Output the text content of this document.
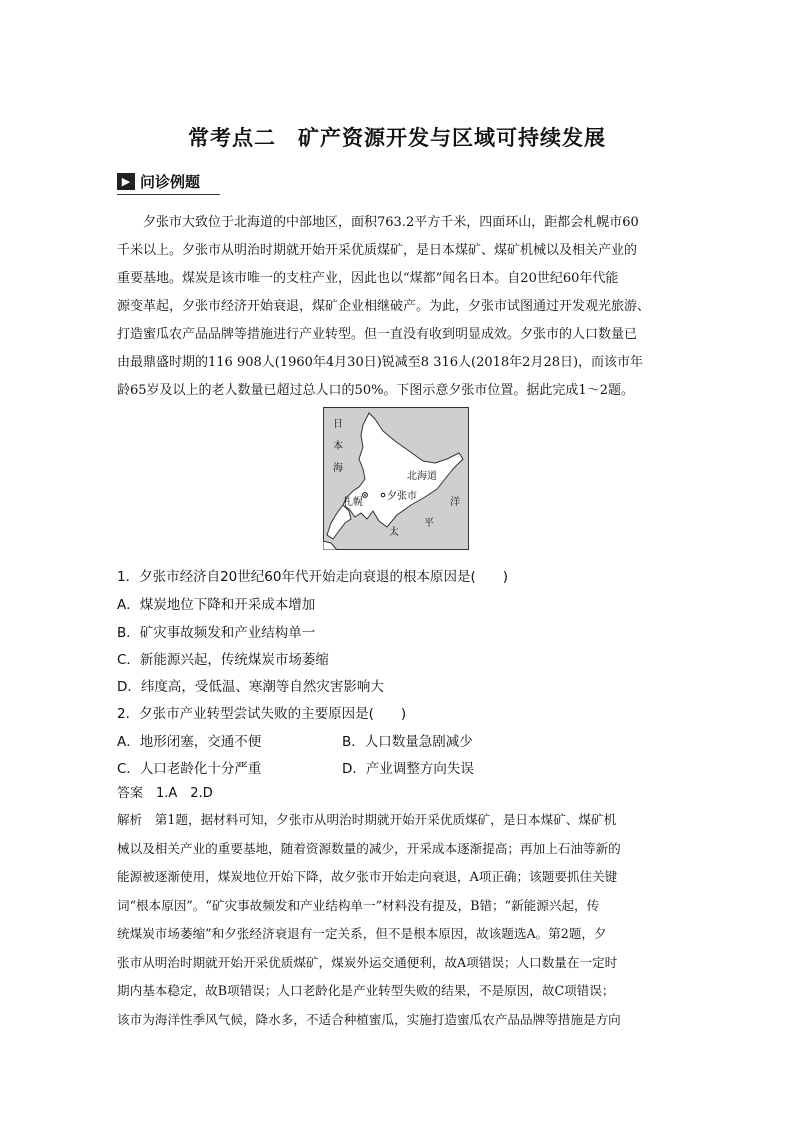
常考点二　矿产资源开发与区域可持续发展
▶ 问诊例题

　　夕张市大致位于北海道的中部地区，面积763.2平方千米，四面环山，距都会札幌市60

千米以上。夕张市从明治时期就开始开采优质煤矿，是日本煤矿、煤矿机械以及相关产业的

重要基地。煤炭是该市唯一的支柱产业，因此也以“煤都”闻名日本。自20世纪60年代能

源变革起，夕张市经济开始衰退，煤矿企业相继破产。为此，夕张市试图通过开发观光旅游、

打造蜜瓜农产品品牌等措施进行产业转型。但一直没有收到明显成效。夕张市的人口数量已

由最鼎盛时期的116 908人(1960年4月30日)锐减至8 316人(2018年2月28日)，而该市年

龄65岁及以上的老人数量已超过总人口的50%。下图示意夕张市位置。据此完成1～2题。

日
本
海
北海道
札幌
夕张市
太
平
洋
1．夕张市经济自20世纪60年代开始走向衰退的根本原因是(　　)
A．煤炭地位下降和开采成本增加
B．矿灾事故频发和产业结构单一
C．新能源兴起，传统煤炭市场萎缩
D．纬度高，受低温、寒潮等自然灾害影响大
2．夕张市产业转型尝试失败的主要原因是(　　)
A．地形闭塞，交通不便	B．人口数量急剧减少
C．人口老龄化十分严重	D．产业调整方向失误
答案　1.A　2.D

解析　第1题，据材料可知，夕张市从明治时期就开始开采优质煤矿，是日本煤矿、煤矿机

械以及相关产业的重要基地，随着资源数量的减少，开采成本逐渐提高；再加上石油等新的

能源被逐渐使用，煤炭地位开始下降，故夕张市开始走向衰退，A项正确；该题要抓住关键

词“根本原因”。“矿灾事故频发和产业结构单一”材料没有提及，B错；“新能源兴起，传

统煤炭市场萎缩”和夕张经济衰退有一定关系，但不是根本原因，故该题选A。第2题，夕

张市从明治时期就开始开采优质煤矿，煤炭外运交通便利，故A项错误；人口数量在一定时

期内基本稳定，故B项错误；人口老龄化是产业转型失败的结果，不是原因，故C项错误；

该市为海洋性季风气候，降水多，不适合种植蜜瓜，实施打造蜜瓜农产品品牌等措施是方向
